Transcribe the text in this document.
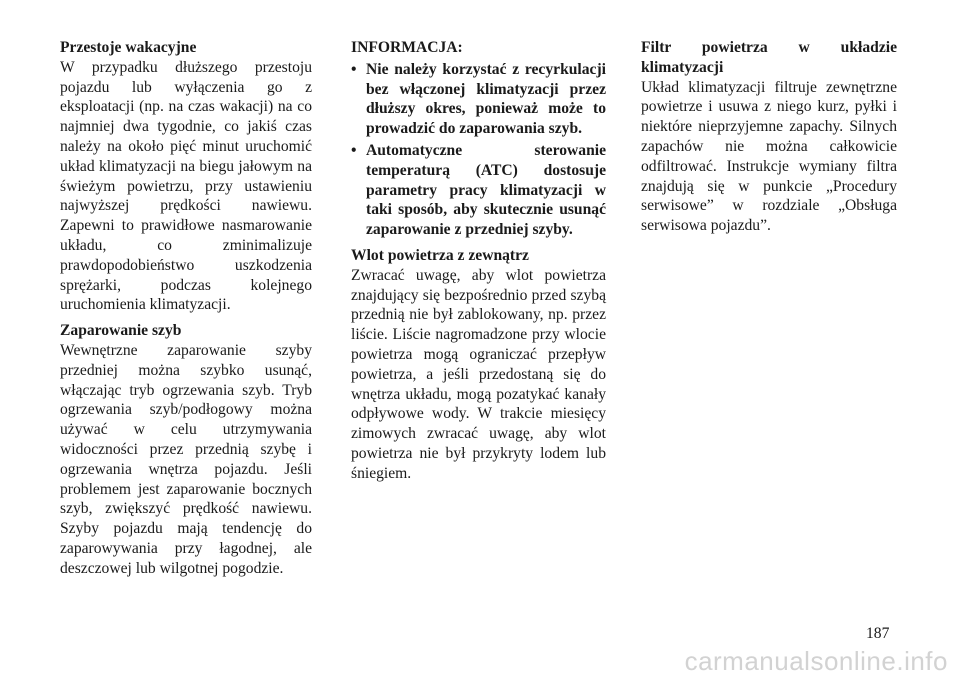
Przestoje wakacyjne

W przypadku dłuższego przestoju pojazdu lub wyłączenia go z eksploatacji (np. na czas wakacji) na co najmniej dwa tygodnie, co jakiś czas należy na około pięć minut uruchomić układ klimatyzacji na biegu jałowym na świeżym powietrzu, przy ustawieniu najwyższej prędkości nawiewu. Zapewni to prawidłowe nasmarowanie układu, co zminimalizuje prawdopodobieństwo uszkodzenia sprężarki, podczas kolejnego uruchomienia klimatyzacji.

Zaparowanie szyb

Wewnętrzne zaparowanie szyby przedniej można szybko usunąć, włączając tryb ogrzewania szyb. Tryb ogrzewania szyb/podłogowy można używać w celu utrzymywania widoczności przez przednią szybę i ogrzewania wnętrza pojazdu. Jeśli problemem jest zaparowanie bocznych szyb, zwiększyć prędkość nawiewu. Szyby pojazdu mają tendencję do zaparowywania przy łagodnej, ale deszczowej lub wilgotnej pogodzie.

INFORMACJA:

• Nie należy korzystać z recyrkulacji bez włączonej klimatyzacji przez dłuższy okres, ponieważ może to prowadzić do zaparowania szyb.
• Automatyczne sterowanie temperaturą (ATC) dostosuje parametry pracy klimatyzacji w taki sposób, aby skutecznie usunąć zaparowanie z przedniej szyby.

Wlot powietrza z zewnątrz

Zwracać uwagę, aby wlot powietrza znajdujący się bezpośrednio przed szybą przednią nie był zablokowany, np. przez liście. Liście nagromadzone przy wlocie powietrza mogą ograniczać przepływ powietrza, a jeśli przedostaną się do wnętrza układu, mogą pozatykać kanały odpływowe wody. W trakcie miesięcy zimowych zwracać uwagę, aby wlot powietrza nie był przykryty lodem lub śniegiem.

Filtr powietrza w układzie klimatyzacji

Układ klimatyzacji filtruje zewnętrzne powietrze i usuwa z niego kurz, pyłki i niektóre nieprzyjemne zapachy. Silnych zapachów nie można całkowicie odfiltrować. Instrukcje wymiany filtra znajdują się w punkcie „Procedury serwisowe” w rozdziale „Obsługa serwisowa pojazdu”.

187
carmanualsonline.info
